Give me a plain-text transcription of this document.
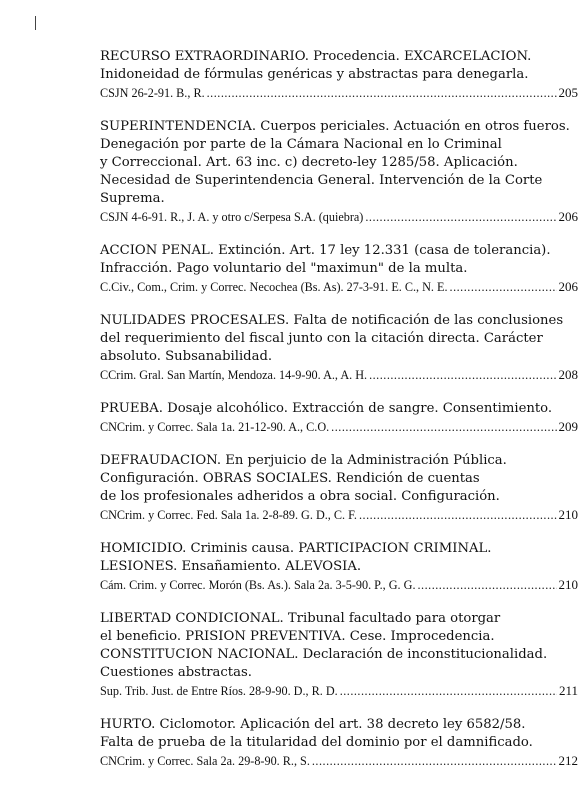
RECURSO EXTRAORDINARIO. Procedencia. EXCARCELACION.
Inidoneidad de fórmulas genéricas y abstractas para denegarla.
CSJN 26-2-91. B., R. .....	205
SUPERINTENDENCIA. Cuerpos periciales. Actuación en otros fueros.
Denegación por parte de la Cámara Nacional en lo Criminal
y Correccional. Art. 63 inc. c) decreto-ley 1285/58. Aplicación.
Necesidad de Superintendencia General. Intervención de la Corte
Suprema.
CSJN 4-6-91. R., J. A. y otro c/Serpesa S.A. (quiebra) .....	206
ACCION PENAL. Extinción. Art. 17 ley 12.331 (casa de tolerancia).
Infracción. Pago voluntario del "maximun" de la multa.
C.Civ., Com., Crim. y Correc. Necochea (Bs. As). 27-3-91. E. C., N. E. .....	206
NULIDADES PROCESALES. Falta de notificación de las conclusiones
del requerimiento del fiscal junto con la citación directa. Carácter
absoluto. Subsanabilidad.
CCrim. Gral. San Martín, Mendoza. 14-9-90. A., A. H. .....	208
PRUEBA. Dosaje alcohólico. Extracción de sangre. Consentimiento.
CNCrim. y Correc. Sala 1a. 21-12-90. A., C.O. .....	209
DEFRAUDACION. En perjuicio de la Administración Pública.
Configuración. OBRAS SOCIALES. Rendición de cuentas
de los profesionales adheridos a obra social. Configuración.
CNCrim. y Correc. Fed. Sala 1a. 2-8-89. G. D., C. F. .....	210
HOMICIDIO. Criminis causa. PARTICIPACION CRIMINAL.
LESIONES. Ensañamiento. ALEVOSIA.
Cám. Crim. y Correc. Morón (Bs. As.). Sala 2a. 3-5-90. P., G. G. .....	210
LIBERTAD CONDICIONAL. Tribunal facultado para otorgar
el beneficio. PRISION PREVENTIVA. Cese. Improcedencia.
CONSTITUCION NACIONAL. Declaración de inconstitucionalidad.
Cuestiones abstractas.
Sup. Trib. Just. de Entre Ríos. 28-9-90. D., R. D. .....	211
HURTO. Ciclomotor. Aplicación del art. 38 decreto ley 6582/58.
Falta de prueba de la titularidad del dominio por el damnificado.
CNCrim. y Correc. Sala 2a. 29-8-90. R., S. .....	212
